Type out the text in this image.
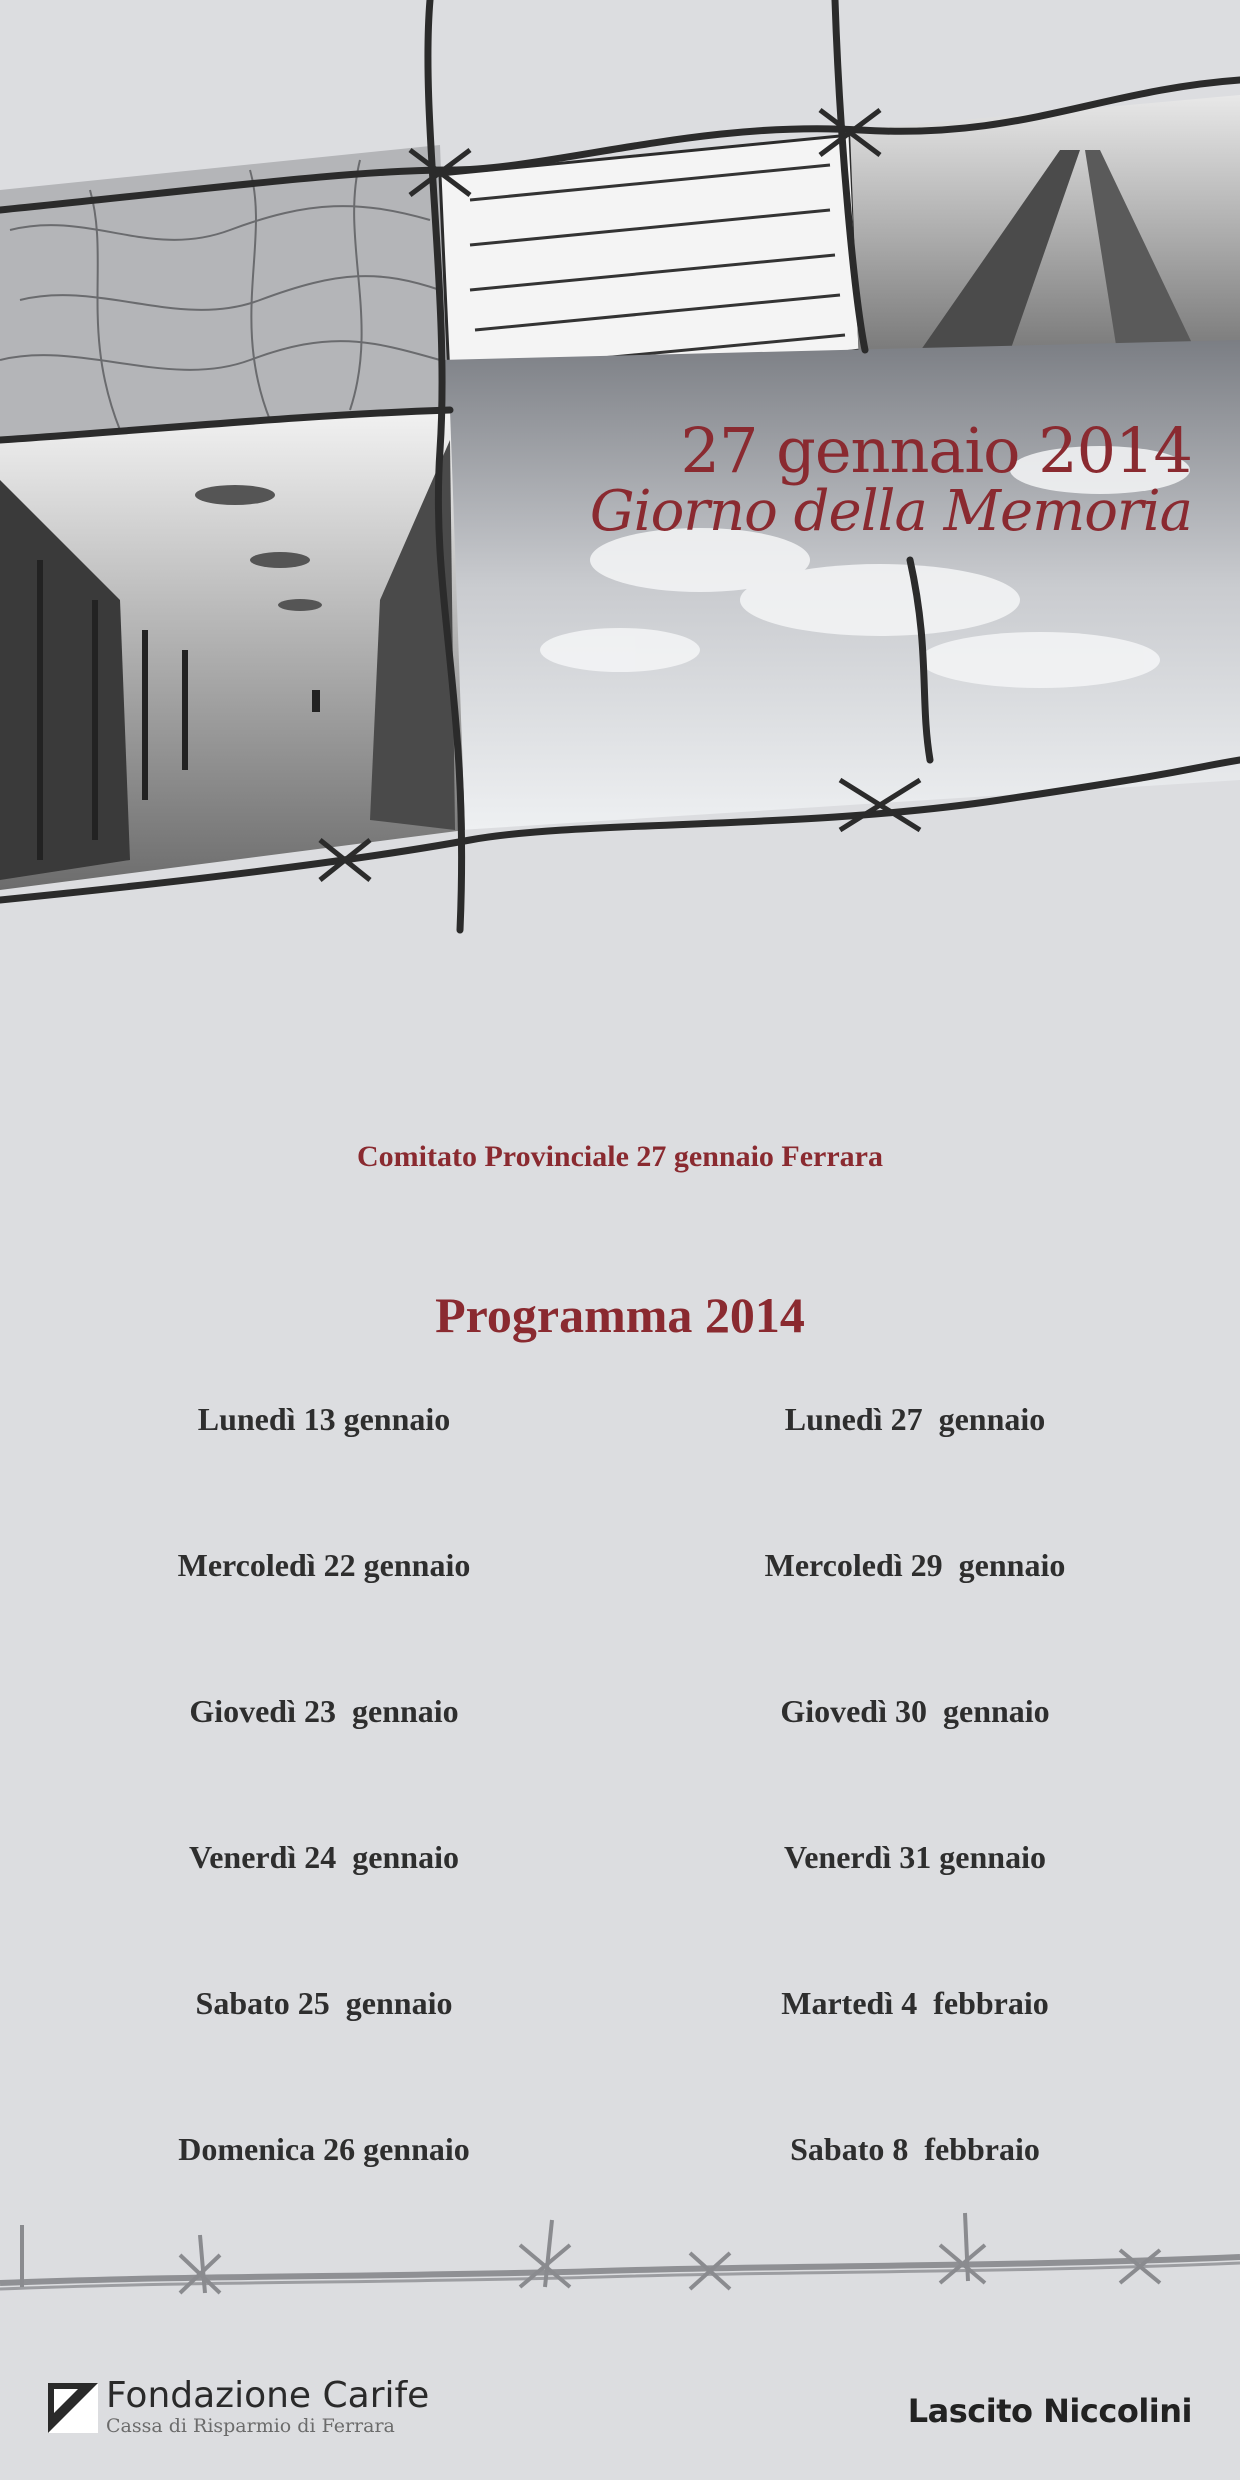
27 gennaio 2014
Giorno della Memoria
Comitato Provinciale 27 gennaio Ferrara
Programma 2014
Lunedì 13 gennaio
Mercoledì 22 gennaio
Giovedì 23  gennaio
Venerdì 24  gennaio
Sabato 25  gennaio
Domenica 26 gennaio
Lunedì 27  gennaio
Mercoledì 29  gennaio
Giovedì 30  gennaio
Venerdì 31 gennaio
Martedì 4  febbraio
Sabato 8  febbraio
Fondazione Carife
Cassa di Risparmio di Ferrara	Lascito Niccolini
